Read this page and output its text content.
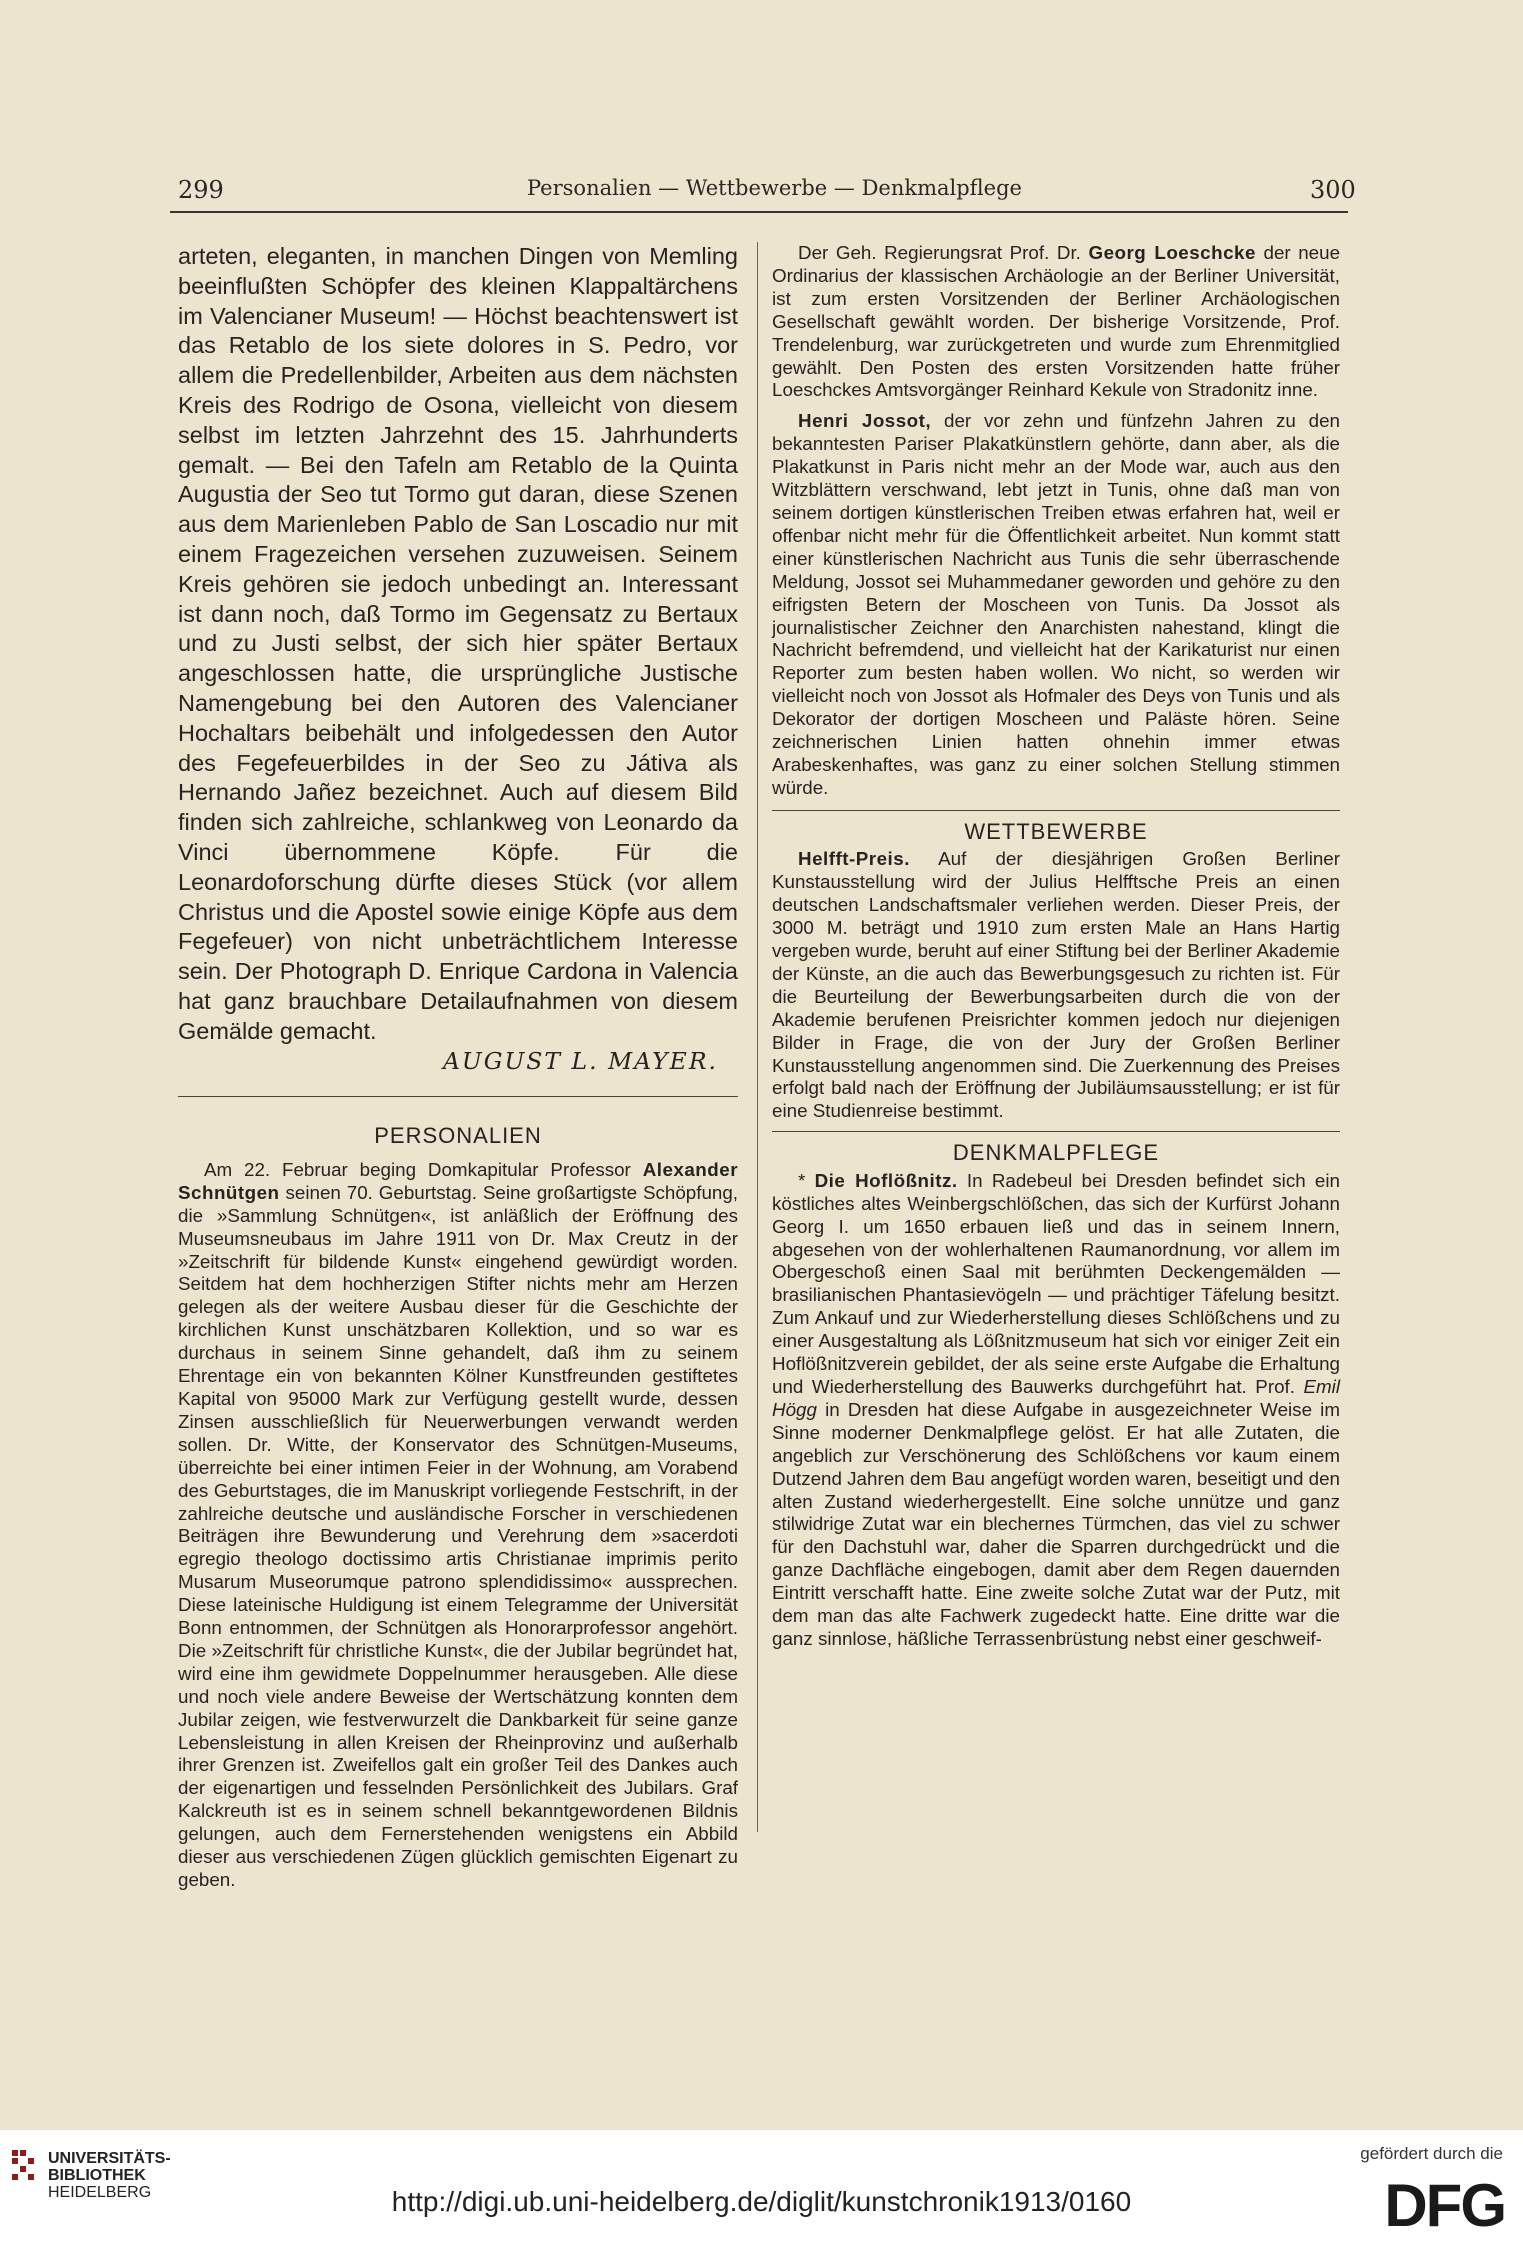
299	Personalien — Wettbewerbe — Denkmalpflege	300

arteten, eleganten, in manchen Dingen von Memling beeinflußten Schöpfer des kleinen Klappaltärchens im Valencianer Museum! — Höchst beachtenswert ist das Retablo de los siete dolores in S. Pedro, vor allem die Predellenbilder, Arbeiten aus dem nächsten Kreis des Rodrigo de Osona, vielleicht von diesem selbst im letzten Jahrzehnt des 15. Jahrhunderts gemalt. — Bei den Tafeln am Retablo de la Quinta Augustia der Seo tut Tormo gut daran, diese Szenen aus dem Marienleben Pablo de San Loscadio nur mit einem Fragezeichen versehen zuzuweisen. Seinem Kreis gehören sie jedoch unbedingt an. Interessant ist dann noch, daß Tormo im Gegensatz zu Bertaux und zu Justi selbst, der sich hier später Bertaux angeschlossen hatte, die ursprüngliche Justische Namengebung bei den Autoren des Valencianer Hochaltars beibehält und infolgedessen den Autor des Fegefeuerbildes in der Seo zu Játiva als Hernando Jañez bezeichnet. Auch auf diesem Bild finden sich zahlreiche, schlankweg von Leonardo da Vinci übernommene Köpfe. Für die Leonardoforschung dürfte dieses Stück (vor allem Christus und die Apostel sowie einige Köpfe aus dem Fegefeuer) von nicht unbeträchtlichem Interesse sein. Der Photograph D. Enrique Cardona in Valencia hat ganz brauchbare Detailaufnahmen von diesem Gemälde gemacht.

AUGUST L. MAYER.
PERSONALIEN

Am 22. Februar beging Domkapitular Professor Alexander Schnütgen seinen 70. Geburtstag. Seine großartigste Schöpfung, die »Sammlung Schnütgen«, ist anläßlich der Eröffnung des Museumsneubaus im Jahre 1911 von Dr. Max Creutz in der »Zeitschrift für bildende Kunst« eingehend gewürdigt worden. Seitdem hat dem hochherzigen Stifter nichts mehr am Herzen gelegen als der weitere Ausbau dieser für die Geschichte der kirchlichen Kunst unschätzbaren Kollektion, und so war es durchaus in seinem Sinne gehandelt, daß ihm zu seinem Ehrentage ein von bekannten Kölner Kunstfreunden gestiftetes Kapital von 95000 Mark zur Verfügung gestellt wurde, dessen Zinsen ausschließlich für Neuerwerbungen verwandt werden sollen. Dr. Witte, der Konservator des Schnütgen-Museums, überreichte bei einer intimen Feier in der Wohnung, am Vorabend des Geburtstages, die im Manuskript vorliegende Festschrift, in der zahlreiche deutsche und ausländische Forscher in verschiedenen Beiträgen ihre Bewunderung und Verehrung dem »sacerdoti egregio theologo doctissimo artis Christianae imprimis perito Musarum Museorumque patrono splendidissimo« aussprechen. Diese lateinische Huldigung ist einem Telegramme der Universität Bonn entnommen, der Schnütgen als Honorarprofessor angehört. Die »Zeitschrift für christliche Kunst«, die der Jubilar begründet hat, wird eine ihm gewidmete Doppelnummer herausgeben. Alle diese und noch viele andere Beweise der Wertschätzung konnten dem Jubilar zeigen, wie festverwurzelt die Dankbarkeit für seine ganze Lebensleistung in allen Kreisen der Rheinprovinz und außerhalb ihrer Grenzen ist. Zweifellos galt ein großer Teil des Dankes auch der eigenartigen und fesselnden Persönlichkeit des Jubilars. Graf Kalckreuth ist es in seinem schnell bekanntgewordenen Bildnis gelungen, auch dem Fernerstehenden wenigstens ein Abbild dieser aus verschiedenen Zügen glücklich gemischten Eigenart zu geben.

Der Geh. Regierungsrat Prof. Dr. Georg Loeschcke der neue Ordinarius der klassischen Archäologie an der Berliner Universität, ist zum ersten Vorsitzenden der Berliner Archäologischen Gesellschaft gewählt worden. Der bisherige Vorsitzende, Prof. Trendelenburg, war zurückgetreten und wurde zum Ehrenmitglied gewählt. Den Posten des ersten Vorsitzenden hatte früher Loeschckes Amtsvorgänger Reinhard Kekule von Stradonitz inne.

Henri Jossot, der vor zehn und fünfzehn Jahren zu den bekanntesten Pariser Plakatkünstlern gehörte, dann aber, als die Plakatkunst in Paris nicht mehr an der Mode war, auch aus den Witzblättern verschwand, lebt jetzt in Tunis, ohne daß man von seinem dortigen künstlerischen Treiben etwas erfahren hat, weil er offenbar nicht mehr für die Öffentlichkeit arbeitet. Nun kommt statt einer künstlerischen Nachricht aus Tunis die sehr überraschende Meldung, Jossot sei Muhammedaner geworden und gehöre zu den eifrigsten Betern der Moscheen von Tunis. Da Jossot als journalistischer Zeichner den Anarchisten nahestand, klingt die Nachricht befremdend, und vielleicht hat der Karikaturist nur einen Reporter zum besten haben wollen. Wo nicht, so werden wir vielleicht noch von Jossot als Hofmaler des Deys von Tunis und als Dekorator der dortigen Moscheen und Paläste hören. Seine zeichnerischen Linien hatten ohnehin immer etwas Arabeskenhaftes, was ganz zu einer solchen Stellung stimmen würde.

WETTBEWERBE

Helfft-Preis. Auf der diesjährigen Großen Berliner Kunstausstellung wird der Julius Helfftsche Preis an einen deutschen Landschaftsmaler verliehen werden. Dieser Preis, der 3000 M. beträgt und 1910 zum ersten Male an Hans Hartig vergeben wurde, beruht auf einer Stiftung bei der Berliner Akademie der Künste, an die auch das Bewerbungsgesuch zu richten ist. Für die Beurteilung der Bewerbungsarbeiten durch die von der Akademie berufenen Preisrichter kommen jedoch nur diejenigen Bilder in Frage, die von der Jury der Großen Berliner Kunstausstellung angenommen sind. Die Zuerkennung des Preises erfolgt bald nach der Eröffnung der Jubiläumsausstellung; er ist für eine Studienreise bestimmt.

DENKMALPFLEGE

* Die Hoflößnitz. In Radebeul bei Dresden befindet sich ein köstliches altes Weinbergschlößchen, das sich der Kurfürst Johann Georg I. um 1650 erbauen ließ und das in seinem Innern, abgesehen von der wohlerhaltenen Raumanordnung, vor allem im Obergeschoß einen Saal mit berühmten Deckengemälden — brasilianischen Phantasievögeln — und prächtiger Täfelung besitzt. Zum Ankauf und zur Wiederherstellung dieses Schlößchens und zu einer Ausgestaltung als Lößnitzmuseum hat sich vor einiger Zeit ein Hoflößnitzverein gebildet, der als seine erste Aufgabe die Erhaltung und Wiederherstellung des Bauwerks durchgeführt hat. Prof. Emil Högg in Dresden hat diese Aufgabe in ausgezeichneter Weise im Sinne moderner Denkmalpflege gelöst. Er hat alle Zutaten, die angeblich zur Verschönerung des Schlößchens vor kaum einem Dutzend Jahren dem Bau angefügt worden waren, beseitigt und den alten Zustand wiederhergestellt. Eine solche unnütze und ganz stilwidrige Zutat war ein blechernes Türmchen, das viel zu schwer für den Dachstuhl war, daher die Sparren durchgedrückt und die ganze Dachfläche eingebogen, damit aber dem Regen dauernden Eintritt verschafft hatte. Eine zweite solche Zutat war der Putz, mit dem man das alte Fachwerk zugedeckt hatte. Eine dritte war die ganz sinnlose, häßliche Terrassenbrüstung nebst einer geschweif-

UNIVERSITÄTS-
BIBLIOTHEK
HEIDELBERG	http://digi.ub.uni-heidelberg.de/diglit/kunstchronik1913/0160
gefördert durch die
DFG
